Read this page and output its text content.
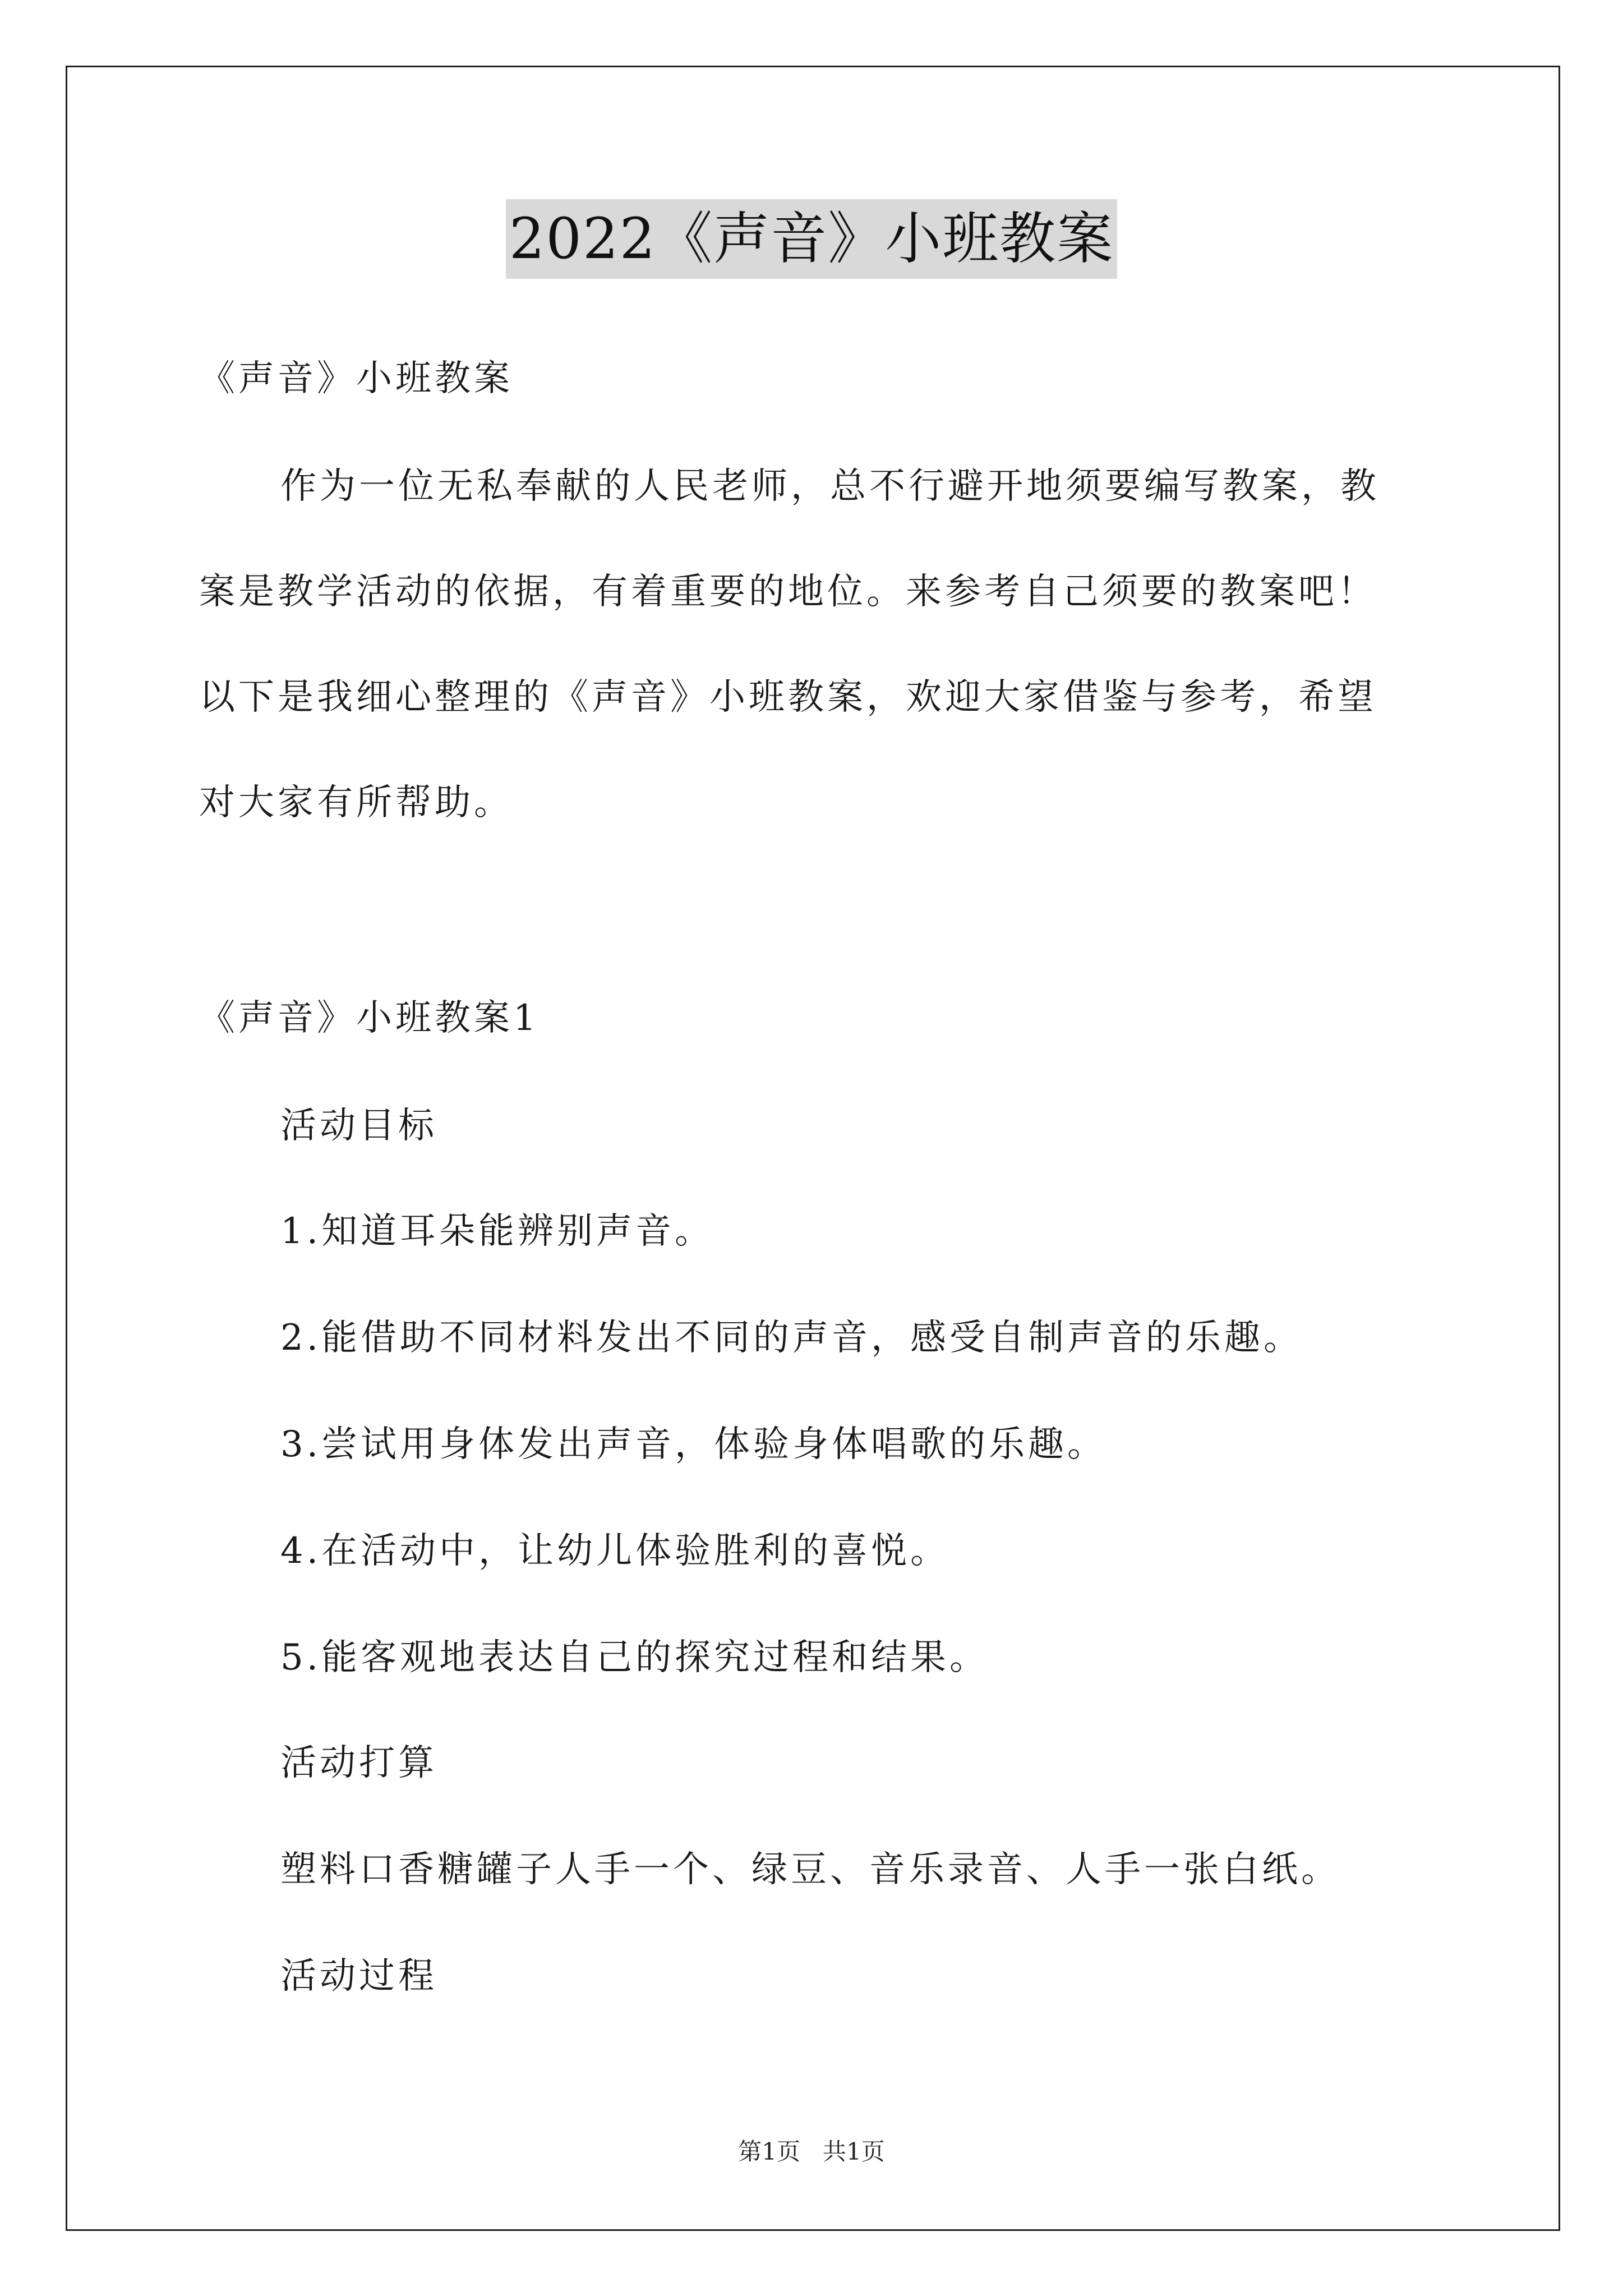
2022《声音》小班教案
《声音》小班教案
作为一位无私奉献的人民老师，总不行避开地须要编写教案，教
案是教学活动的依据，有着重要的地位。来参考自己须要的教案吧！
以下是我细心整理的《声音》小班教案，欢迎大家借鉴与参考，希望
对大家有所帮助。
《声音》小班教案1
活动目标
1.知道耳朵能辨别声音。
2.能借助不同材料发出不同的声音，感受自制声音的乐趣。
3.尝试用身体发出声音，体验身体唱歌的乐趣。
4.在活动中，让幼儿体验胜利的喜悦。
5.能客观地表达自己的探究过程和结果。
活动打算
塑料口香糖罐子人手一个、绿豆、音乐录音、人手一张白纸。
活动过程
第1页   共1页
